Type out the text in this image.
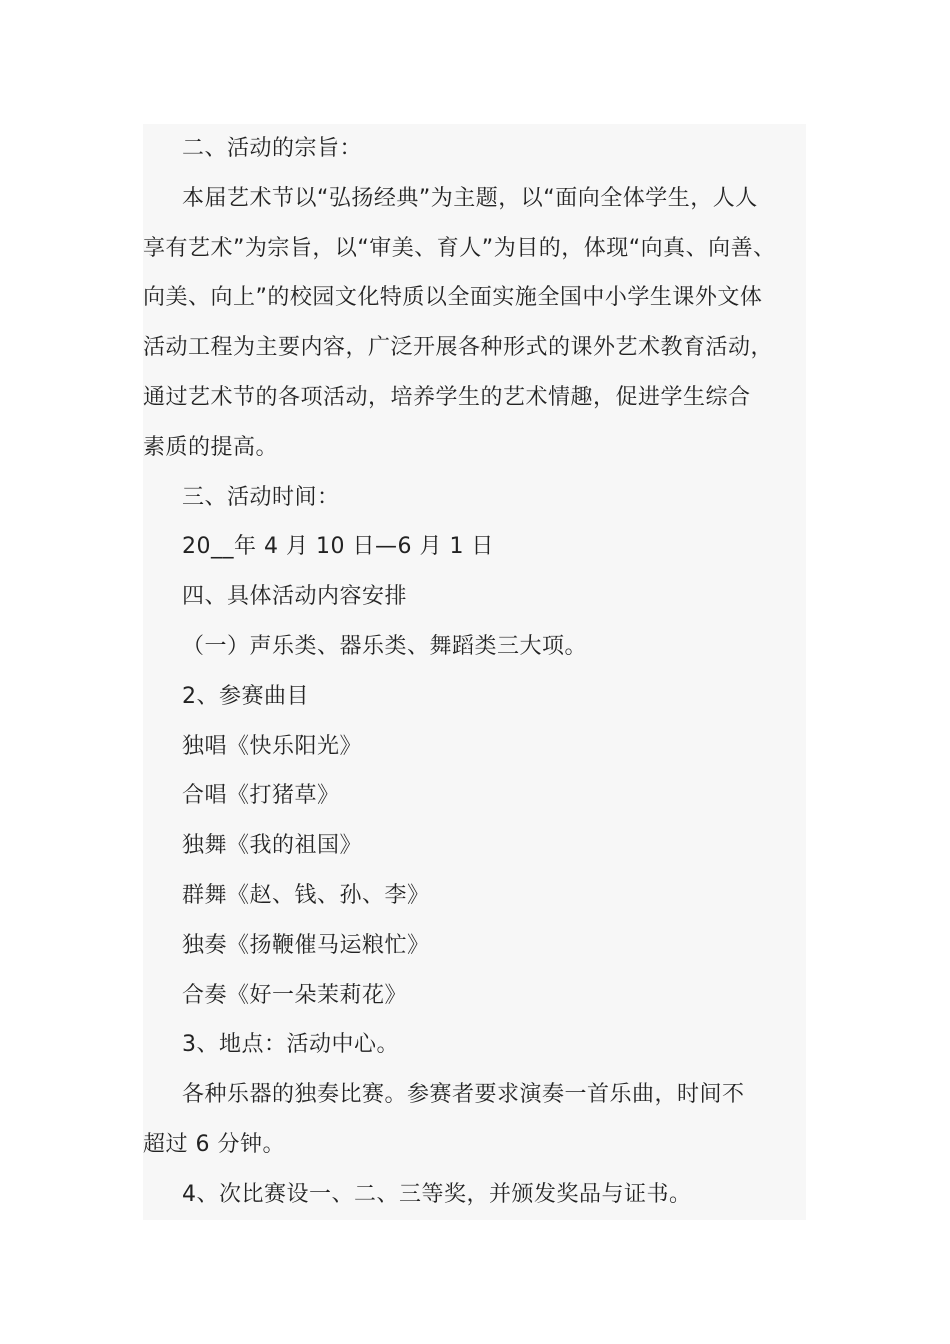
二、活动的宗旨：

本届艺术节以“弘扬经典”为主题，以“面向全体学生，人人

享有艺术”为宗旨，以“审美、育人”为目的，体现“向真、向善、

向美、向上”的校园文化特质以全面实施全国中小学生课外文体

活动工程为主要内容，广泛开展各种形式的课外艺术教育活动，

通过艺术节的各项活动，培养学生的艺术情趣，促进学生综合

素质的提高。

三、活动时间：

20__年 4 月 10 日—6 月 1 日

四、具体活动内容安排

（一）声乐类、器乐类、舞蹈类三大项。

2、参赛曲目

独唱《快乐阳光》

合唱《打猪草》

独舞《我的祖国》

群舞《赵、钱、孙、李》

独奏《扬鞭催马运粮忙》

合奏《好一朵茉莉花》

3、地点：活动中心。

各种乐器的独奏比赛。参赛者要求演奏一首乐曲，时间不

超过 6 分钟。

4、次比赛设一、二、三等奖，并颁发奖品与证书。
